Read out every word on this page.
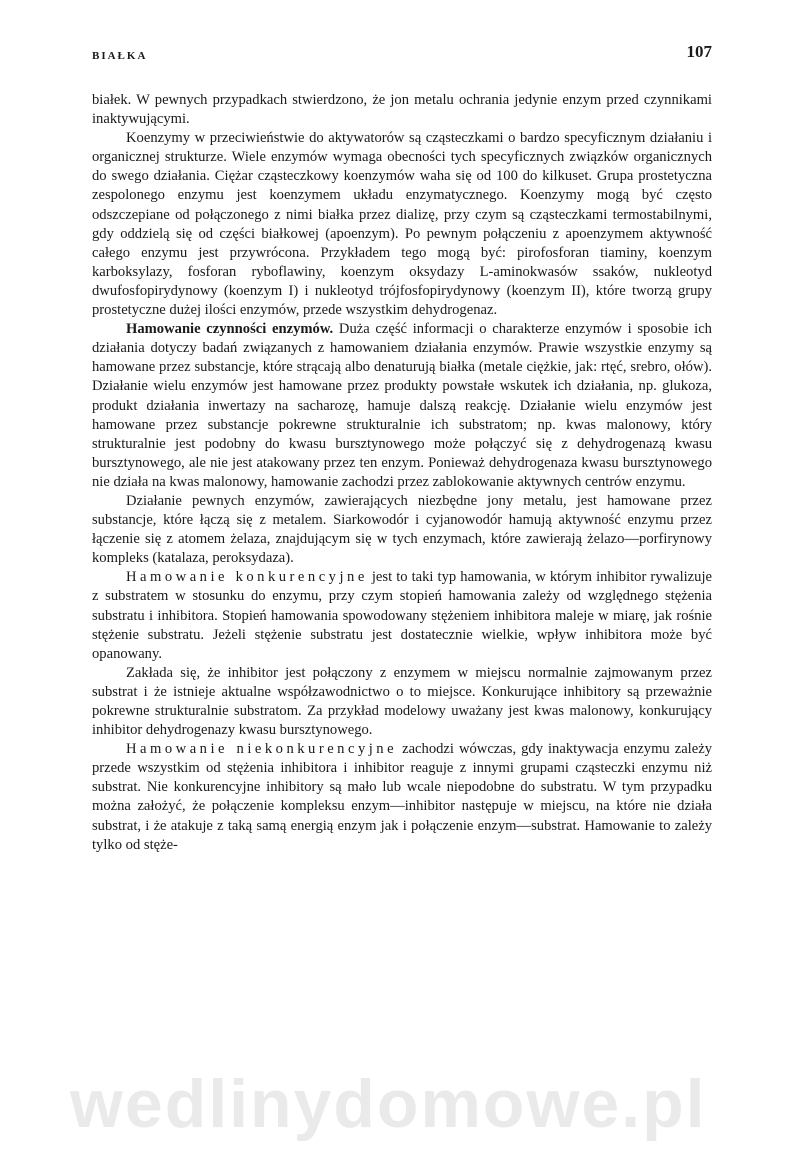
BIAŁKA	107

białek. W pewnych przypadkach stwierdzono, że jon metalu ochrania jedynie enzym przed czynnikami inaktywującymi.

Koenzymy w przeciwieństwie do aktywatorów są cząsteczkami o bardzo specyficznym działaniu i organicznej strukturze. Wiele enzymów wymaga obecności tych specyficznych związków organicznych do swego działania. Ciężar cząsteczkowy koenzymów waha się od 100 do kilkuset. Grupa prostetyczna zespolonego enzymu jest koenzymem układu enzymatycznego. Koenzymy mogą być często odszczepiane od połączonego z nimi białka przez dializę, przy czym są cząsteczkami termostabilnymi, gdy oddzielą się od części białkowej (apoenzym). Po pewnym połączeniu z apoenzymem aktywność całego enzymu jest przywrócona. Przykładem tego mogą być: pirofosforan tiaminy, koenzym karboksylazy, fosforan ryboflawiny, koenzym oksydazy L-aminokwasów ssaków, nukleotyd dwufosfopirydynowy (koenzym I) i nukleotyd trójfosfopirydynowy (koenzym II), które tworzą grupy prostetyczne dużej ilości enzymów, przede wszystkim dehydrogenaz.

Hamowanie czynności enzymów. Duża część informacji o charakterze enzymów i sposobie ich działania dotyczy badań związanych z hamowaniem działania enzymów. Prawie wszystkie enzymy są hamowane przez substancje, które strącają albo denaturują białka (metale ciężkie, jak: rtęć, srebro, ołów). Działanie wielu enzymów jest hamowane przez produkty powstałe wskutek ich działania, np. glukoza, produkt działania inwertazy na sacharozę, hamuje dalszą reakcję. Działanie wielu enzymów jest hamowane przez substancje pokrewne strukturalnie ich substratom; np. kwas malonowy, który strukturalnie jest podobny do kwasu bursztynowego może połączyć się z dehydrogenazą kwasu bursztynowego, ale nie jest atakowany przez ten enzym. Ponieważ dehydrogenaza kwasu bursztynowego nie działa na kwas malonowy, hamowanie zachodzi przez zablokowanie aktywnych centrów enzymu.

Działanie pewnych enzymów, zawierających niezbędne jony metalu, jest hamowane przez substancje, które łączą się z metalem. Siarkowodór i cyjanowodór hamują aktywność enzymu przez łączenie się z atomem żelaza, znajdującym się w tych enzymach, które zawierają żelazo—porfirynowy kompleks (katalaza, peroksydaza).

Hamowanie konkurencyjne jest to taki typ hamowania, w którym inhibitor rywalizuje z substratem w stosunku do enzymu, przy czym stopień hamowania zależy od względnego stężenia substratu i inhibitora. Stopień hamowania spowodowany stężeniem inhibitora maleje w miarę, jak rośnie stężenie substratu. Jeżeli stężenie substratu jest dostatecznie wielkie, wpływ inhibitora może być opanowany.

Zakłada się, że inhibitor jest połączony z enzymem w miejscu normalnie zajmowanym przez substrat i że istnieje aktualne współzawodnictwo o to miejsce. Konkurujące inhibitory są przeważnie pokrewne strukturalnie substratom. Za przykład modelowy uważany jest kwas malonowy, konkurujący inhibitor dehydrogenazy kwasu bursztynowego.

Hamowanie niekonkurencyjne zachodzi wówczas, gdy inaktywacja enzymu zależy przede wszystkim od stężenia inhibitora i inhibitor reaguje z innymi grupami cząsteczki enzymu niż substrat. Nie konkurencyjne inhibitory są mało lub wcale niepodobne do substratu. W tym przypadku można założyć, że połączenie kompleksu enzym—inhibitor następuje w miejscu, na które nie działa substrat, i że atakuje z taką samą energią enzym jak i połączenie enzym—substrat. Hamowanie to zależy tylko od stęże-

wedlinydomowe.pl
